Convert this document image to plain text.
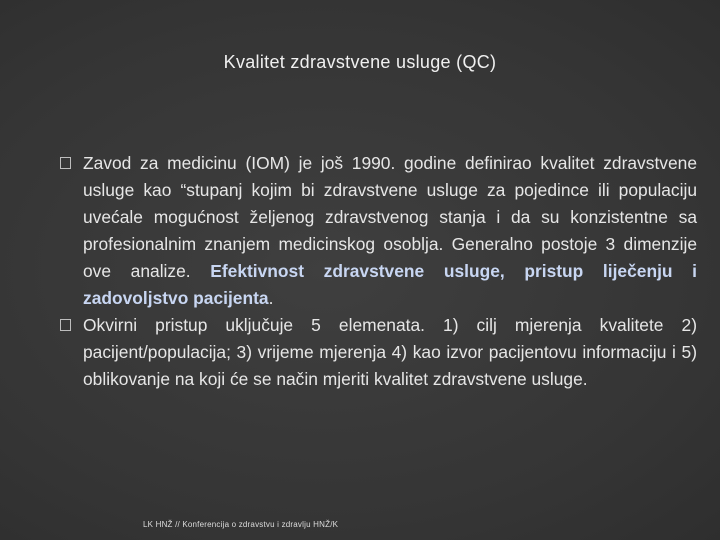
Kvalitet zdravstvene usluge (QC)
Zavod za medicinu (IOM) je još 1990. godine definirao kvalitet zdravstvene usluge kao “stupanj kojim bi zdravstvene usluge za pojedince ili populaciju uvećale mogućnost željenog zdravstvenog stanja i da su konzistentne sa profesionalnim znanjem medicinskog osoblja. Generalno postoje 3 dimenzije ove analize. Efektivnost zdravstvene usluge, pristup liječenju i zadovoljstvo pacijenta.
Okvirni pristup uključuje 5 elemenata. 1) cilj mjerenja kvalitete 2) pacijent/populacija; 3) vrijeme mjerenja 4) kao izvor pacijentovu informaciju i 5) oblikovanje na koji će se način mjeriti kvalitet zdravstvene usluge.
LK HNŽ // Konferencija o zdravstvu i zdravlju HNŽ/K
